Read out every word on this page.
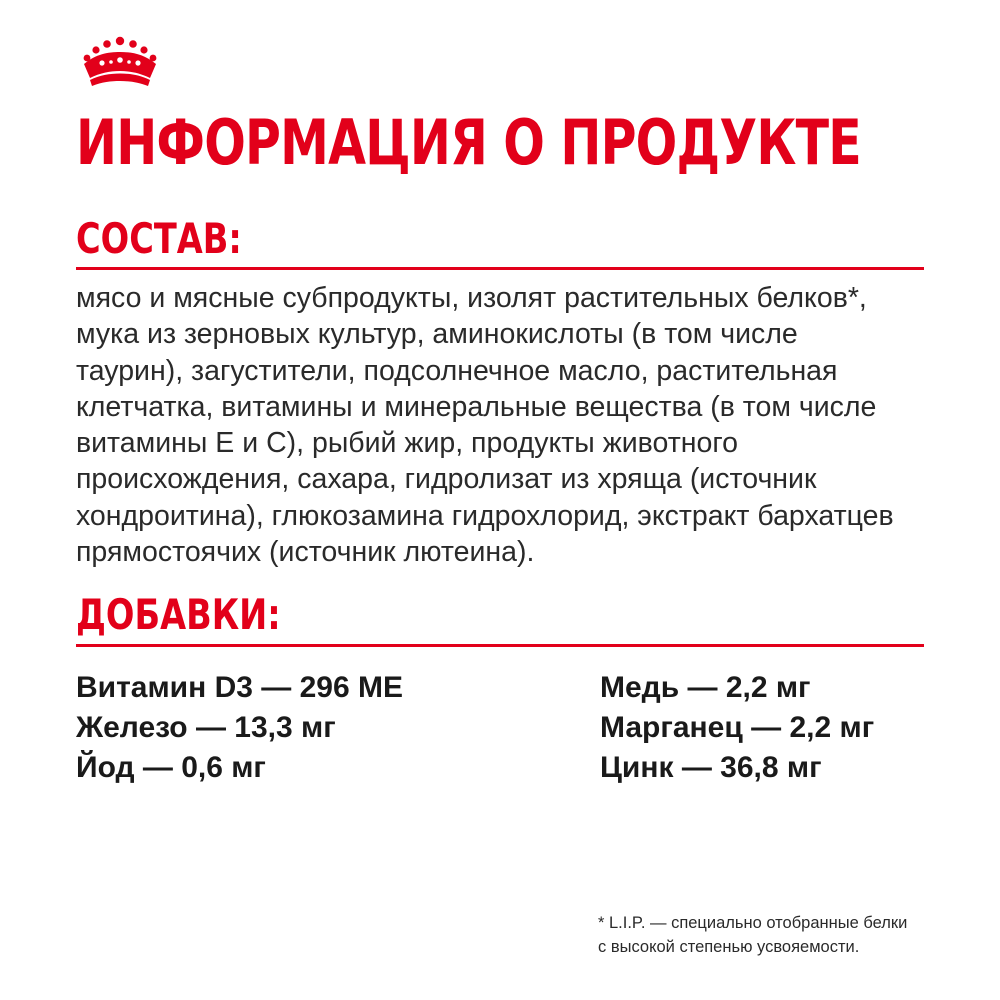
ИНФОРМАЦИЯ О ПРОДУКТЕ
СОСТАВ:

мясо и мясные субпродукты, изолят растительных белков*,
мука из зерновых культур, аминокислоты (в том числе
таурин), загустители, подсолнечное масло, растительная
клетчатка, витамины и минеральные вещества (в том числе
витамины Е и С), рыбий жир, продукты животного
происхождения, сахара, гидролизат из хряща (источник
хондроитина), глюкозамина гидрохлорид, экстракт бархатцев
прямостоячих (источник лютеина).

ДОБАВКИ:
Витамин D3 — 296 МЕ
Железо — 13,3 мг
Йод — 0,6 мг
Медь — 2,2 мг
Марганец — 2,2 мг
Цинк — 36,8 мг

* L.I.P. — специально отобранные белки
с высокой степенью усвояемости.
